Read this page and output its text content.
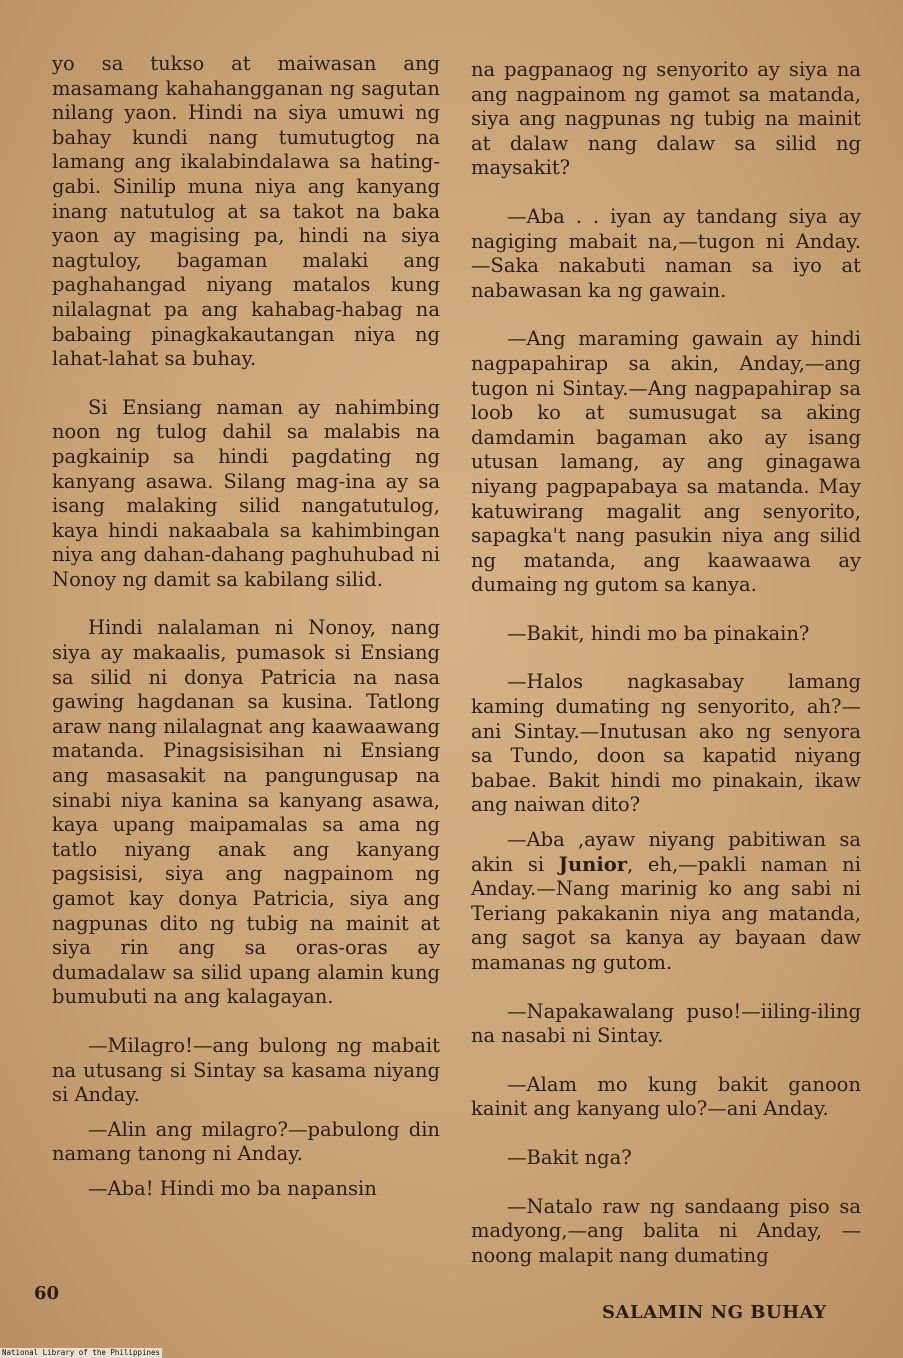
yo sa tukso at maiwasan ang masamang kahahangganan ng sagutan nilang yaon. Hindi na siya umuwi ng bahay kundi nang tumutugtog na lamang ang ikalabindalawa sa hating-gabi. Sinilip muna niya ang kanyang inang natutulog at sa takot na baka yaon ay magising pa, hindi na siya nagtuloy, bagaman malaki ang paghahangad niyang matalos kung nilalagnat pa ang kahabag-habag na babaing pinagkakautangan niya ng lahat-lahat sa buhay.

Si Ensiang naman ay nahimbing noon ng tulog dahil sa malabis na pagkainip sa hindi pagdating ng kanyang asawa. Silang mag-ina ay sa isang malaking silid nangatutulog, kaya hindi nakaabala sa kahimbingan niya ang dahan-dahang paghuhubad ni Nonoy ng damit sa kabilang silid.

Hindi nalalaman ni Nonoy, nang siya ay makaalis, pumasok si Ensiang sa silid ni donya Patricia na nasa gawing hagdanan sa kusina. Tatlong araw nang nilalagnat ang kaawaawang matanda. Pinagsisisihan ni Ensiang ang masasakit na pangungusap na sinabi niya kanina sa kanyang asawa, kaya upang maipamalas sa ama ng tatlo niyang anak ang kanyang pagsisisi, siya ang nagpainom ng gamot kay donya Patricia, siya ang nagpunas dito ng tubig na mainit at siya rin ang sa oras-oras ay dumadalaw sa silid upang alamin kung bumubuti na ang kalagayan.

—Milagro!—ang bulong ng mabait na utusang si Sintay sa kasama niyang si Anday.

—Alin ang milagro?—pabulong din namang tanong ni Anday.

—Aba! Hindi mo ba napansin

na pagpanaog ng senyorito ay siya na ang nagpainom ng gamot sa matanda, siya ang nagpunas ng tubig na mainit at dalaw nang dalaw sa silid ng maysakit?

—Aba . . iyan ay tandang siya ay nagiging mabait na,—tugon ni Anday.—Saka nakabuti naman sa iyo at nabawasan ka ng gawain.

—Ang maraming gawain ay hindi nagpapahirap sa akin, Anday,—ang tugon ni Sintay.—Ang nagpapahirap sa loob ko at sumusugat sa aking damdamin bagaman ako ay isang utusan lamang, ay ang ginagawa niyang pagpapabaya sa matanda. May katuwirang magalit ang senyorito, sapagka't nang pasukin niya ang silid ng matanda, ang kaawaawa ay dumaing ng gutom sa kanya.

—Bakit, hindi mo ba pinakain?

—Halos nagkasabay lamang kaming dumating ng senyorito, ah?—ani Sintay.—Inutusan ako ng senyora sa Tundo, doon sa kapatid niyang babae. Bakit hindi mo pinakain, ikaw ang naiwan dito?

—Aba ,ayaw niyang pabitiwan sa akin si Junior, eh,—pakli naman ni Anday.—Nang marinig ko ang sabi ni Teriang pakakanin niya ang matanda, ang sagot sa kanya ay bayaan daw mamanas ng gutom.

—Napakawalang puso!—iiling-iling na nasabi ni Sintay.

—Alam mo kung bakit ganoon kainit ang kanyang ulo?—ani Anday.

—Bakit nga?

—Natalo raw ng sandaang piso sa madyong,—ang balita ni Anday, —noong malapit nang dumating

60
SALAMIN NG BUHAY
National Library of the Philippines
